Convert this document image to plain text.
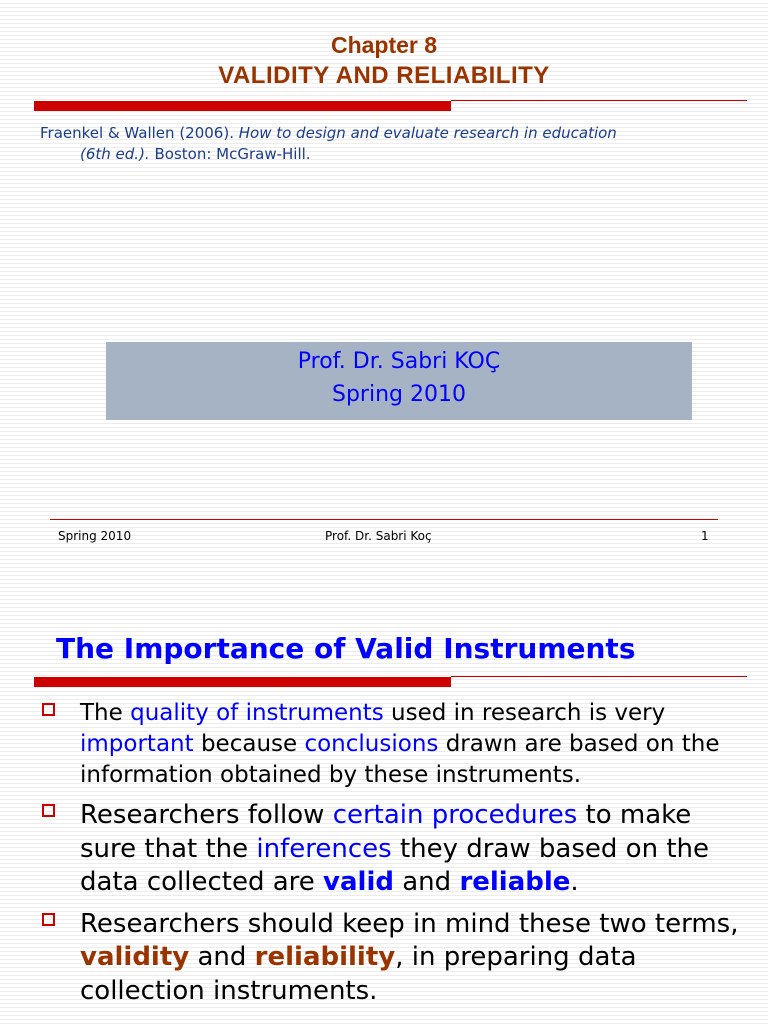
Chapter 8
VALIDITY AND RELIABILITY
Fraenkel & Wallen (2006). How to design and evaluate research in education
(6th ed.). Boston: McGraw-Hill.
Prof. Dr. Sabri KOÇ
Spring 2010
Spring 2010	Prof. Dr. Sabri Koç	1
The Importance of Valid Instruments
The quality of instruments used in research is very important because conclusions drawn are based on the information obtained by these instruments.
Researchers follow certain procedures to make sure that the inferences they draw based on the data collected are valid and reliable.
Researchers should keep in mind these two terms, validity and reliability, in preparing data collection instruments.
